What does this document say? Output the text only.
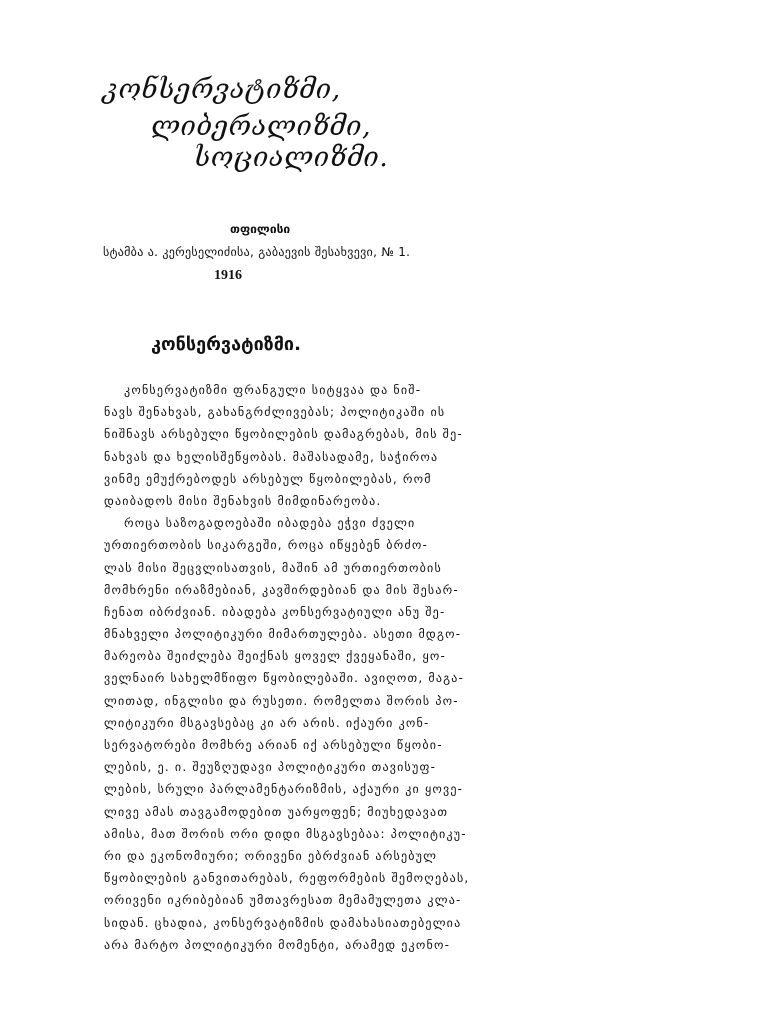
კონსერვატიზმი,
ლიბერალიზმი,
სოციალიზმი.
თფილისი
სტამბა ა. კერესელიძისა, გაბაევის შესახვევი, № 1.
1916
კონსერვატიზმი.
კონსერვატიზმი ფრანგული სიტყვაა და ნიშ-
ნავს შენახვას, გახანგრძლივებას; პოლიტიკაში ის
ნიშნავს არსებული წყობილების დამაგრებას, მის შე-
ნახვას და ხელისშეწყობას. მაშასადამე, საჭიროა
ვინმე ემუქრებოდეს არსებულ წყობილებას, რომ
დაიბადოს მისი შენახვის მიმდინარეობა.
როცა საზოგადოებაში იბადება ეჭვი ძველი
ურთიერთობის სიკარგეში, როცა იწყებენ ბრძო-
ლას მისი შეცვლისათვის, მაშინ ამ ურთიერთობის
მომხრენი ირაზმებიან, კავშირდებიან და მის შესარ-
ჩენათ იბრძვიან. იბადება კონსერვატიული ანუ შე-
მნახველი პოლიტიკური მიმართულება. ასეთი მდგო-
მარეობა შეიძლება შეიქნას ყოველ ქვეყანაში, ყო-
ველნაირ სახელმწიფო წყობილებაში. ავიღოთ, მაგა-
ლითად, ინგლისი და რუსეთი. რომელთა შორის პო-
ლიტიკური მსგავსებაც კი არ არის. იქაური კონ-
სერვატორები მომხრე არიან იქ არსებული წყობი-
ლების, ე. ი. შეუზღუდავი პოლიტიკური თავისუფ-
ლების, სრული პარლამენტარიზმის, აქაური კი ყოვე-
ლივე ამას თავგამოდებით უარყოფენ; მიუხედავათ
ამისა, მათ შორის ორი დიდი მსგავსებაა: პოლიტიკუ-
რი და ეკონომიური; ორივენი ებრძვიან არსებულ
წყობილების განვითარებას, რეფორმების შემოღებას,
ორივენი იკრიბებიან უმთავრესათ მემამულეთა კლა-
სიდან. ცხადია, კონსერვატიზმის დამახასიათებელია
არა მარტო პოლიტიკური მომენტი, არამედ ეკონო-
